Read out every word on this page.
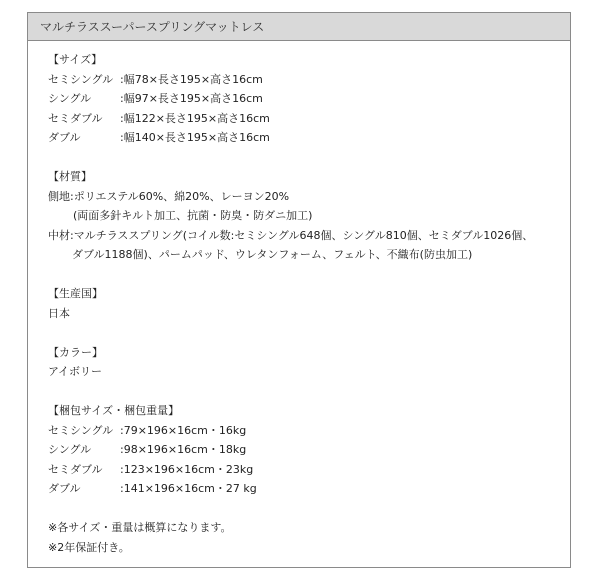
マルチラススーパースプリングマットレス
【サイズ】
セミシングル :幅78×長さ195×高さ16cm
シングル	:幅97×長さ195×高さ16cm
セミダブル	:幅122×長さ195×高さ16cm
ダブル	:幅140×長さ195×高さ16cm
【材質】
側地:ポリエステル60%、綿20%、レーヨン20%
(両面多針キルト加工、抗菌・防臭・防ダニ加工)
中材:マルチラススプリング(コイル数:セミシングル648個、シングル810個、セミダブル1026個、
ダブル1188個)、パームパッド、ウレタンフォーム、フェルト、不織布(防虫加工)
【生産国】
日本
【カラー】
アイボリー
【梱包サイズ・梱包重量】
セミシングル :79×196×16cm・16kg
シングル	:98×196×16cm・18kg
セミダブル	:123×196×16cm・23kg
ダブル	:141×196×16cm・27 kg
※各サイズ・重量は概算になります。
※2年保証付き。
